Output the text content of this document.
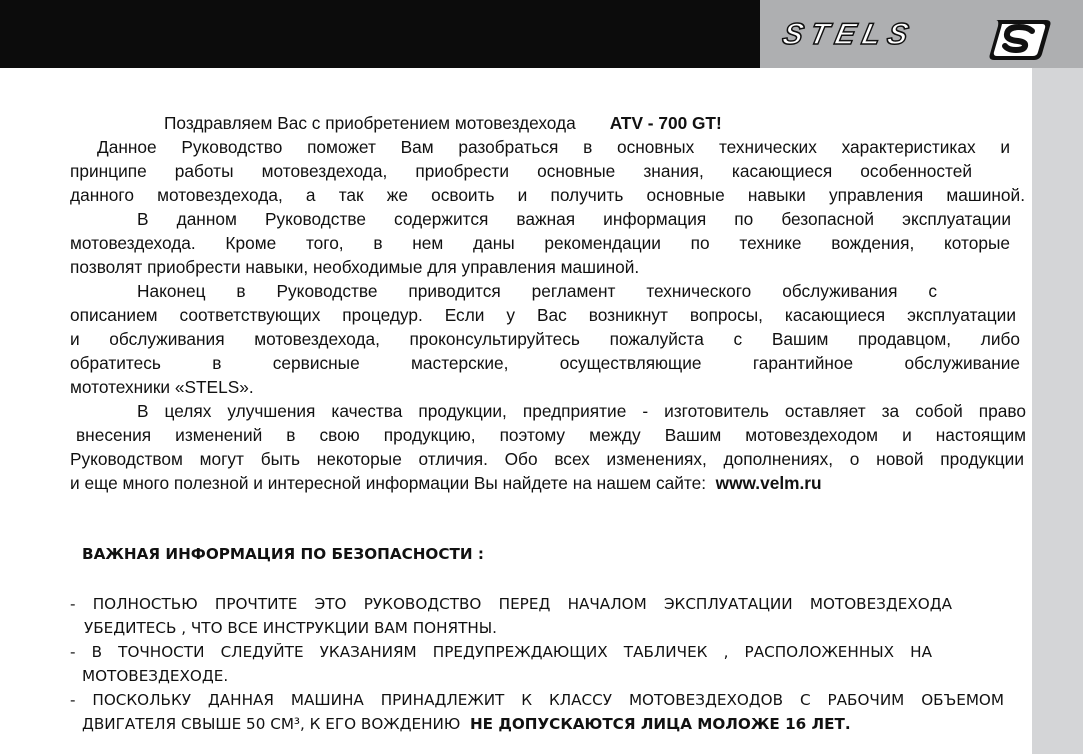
STELS
Поздравляем Вас с приобретением мотовездехода ATV - 700 GT!
Данное Руководство поможет Вам разобраться в основных технических характеристиках и
принципе работы мотовездехода, приобрести основные знания, касающиеся особенностей
данного мотовездехода, а так же освоить и получить основные навыки управления машиной.
В данном Руководстве содержится важная информация по безопасной эксплуатации
мотовездехода. Кроме того, в нем даны рекомендации по технике вождения, которые
позволят приобрести навыки, необходимые для управления машиной.
Наконец в Руководстве приводится регламент технического обслуживания с
описанием соответствующих процедур. Если у Вас возникнут вопросы, касающиеся эксплуатации
и обслуживания мотовездехода, проконсультируйтесь пожалуйста с Вашим продавцом, либо
обратитесь в сервисные мастерские, осуществляющие гарантийное обслуживание
мототехники «STELS».
В целях улучшения качества продукции, предприятие - изготовитель оставляет за собой право
внесения изменений в свою продукцию, поэтому между Вашим мотовездеходом и настоящим
Руководством могут быть некоторые отличия. Обо всех изменениях, дополнениях, о новой продукции
и еще много полезной и интересной информации Вы найдете на нашем сайте: www.velm.ru
ВАЖНАЯ ИНФОРМАЦИЯ ПО БЕЗОПАСНОСТИ :
- ПОЛНОСТЬЮ ПРОЧТИТЕ ЭТО РУКОВОДСТВО ПЕРЕД НАЧАЛОМ ЭКСПЛУАТАЦИИ МОТОВЕЗДЕХОДА
УБЕДИТЕСЬ , ЧТО ВСЕ ИНСТРУКЦИИ ВАМ ПОНЯТНЫ.
- В ТОЧНОСТИ СЛЕДУЙТЕ УКАЗАНИЯМ ПРЕДУПРЕЖДАЮЩИХ ТАБЛИЧЕК , РАСПОЛОЖЕННЫХ НА
МОТОВЕЗДЕХОДЕ.
- ПОСКОЛЬКУ ДАННАЯ МАШИНА ПРИНАДЛЕЖИТ К КЛАССУ МОТОВЕЗДЕХОДОВ С РАБОЧИМ ОБЪЕМОМ
ДВИГАТЕЛЯ СВЫШЕ 50 СМ³, К ЕГО ВОЖДЕНИЮ НЕ ДОПУСКАЮТСЯ ЛИЦА МОЛОЖЕ 16 ЛЕТ.
